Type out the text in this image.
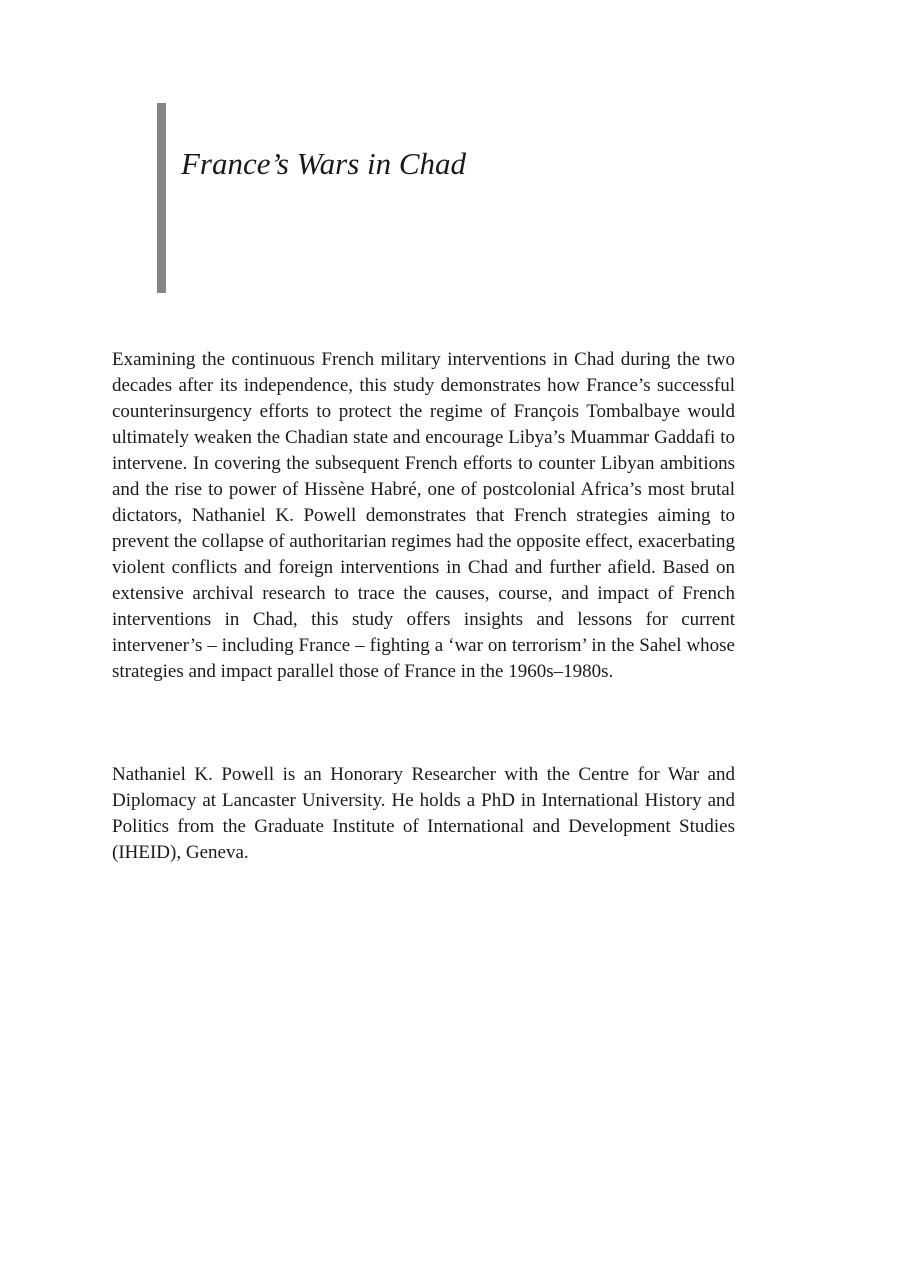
France’s Wars in Chad

Examining the continuous French military interventions in Chad during the two decades after its independence, this study demonstrates how France’s successful counterinsurgency efforts to protect the regime of François Tombalbaye would ultimately weaken the Chadian state and encourage Libya’s Muammar Gaddafi to intervene. In covering the subsequent French efforts to counter Libyan ambitions and the rise to power of Hissène Habré, one of postcolonial Africa’s most brutal dictators, Nathaniel K. Powell demonstrates that French strategies aiming to prevent the collapse of authoritarian regimes had the opposite effect, exacerbating violent conflicts and foreign interventions in Chad and further afield. Based on extensive archival research to trace the causes, course, and impact of French interventions in Chad, this study offers insights and lessons for current intervener’s – including France – fighting a ‘war on terrorism’ in the Sahel whose strategies and impact parallel those of France in the 1960s–1980s.

Nathaniel K. Powell is an Honorary Researcher with the Centre for War and Diplomacy at Lancaster University. He holds a PhD in International History and Politics from the Graduate Institute of International and Development Studies (IHEID), Geneva.
